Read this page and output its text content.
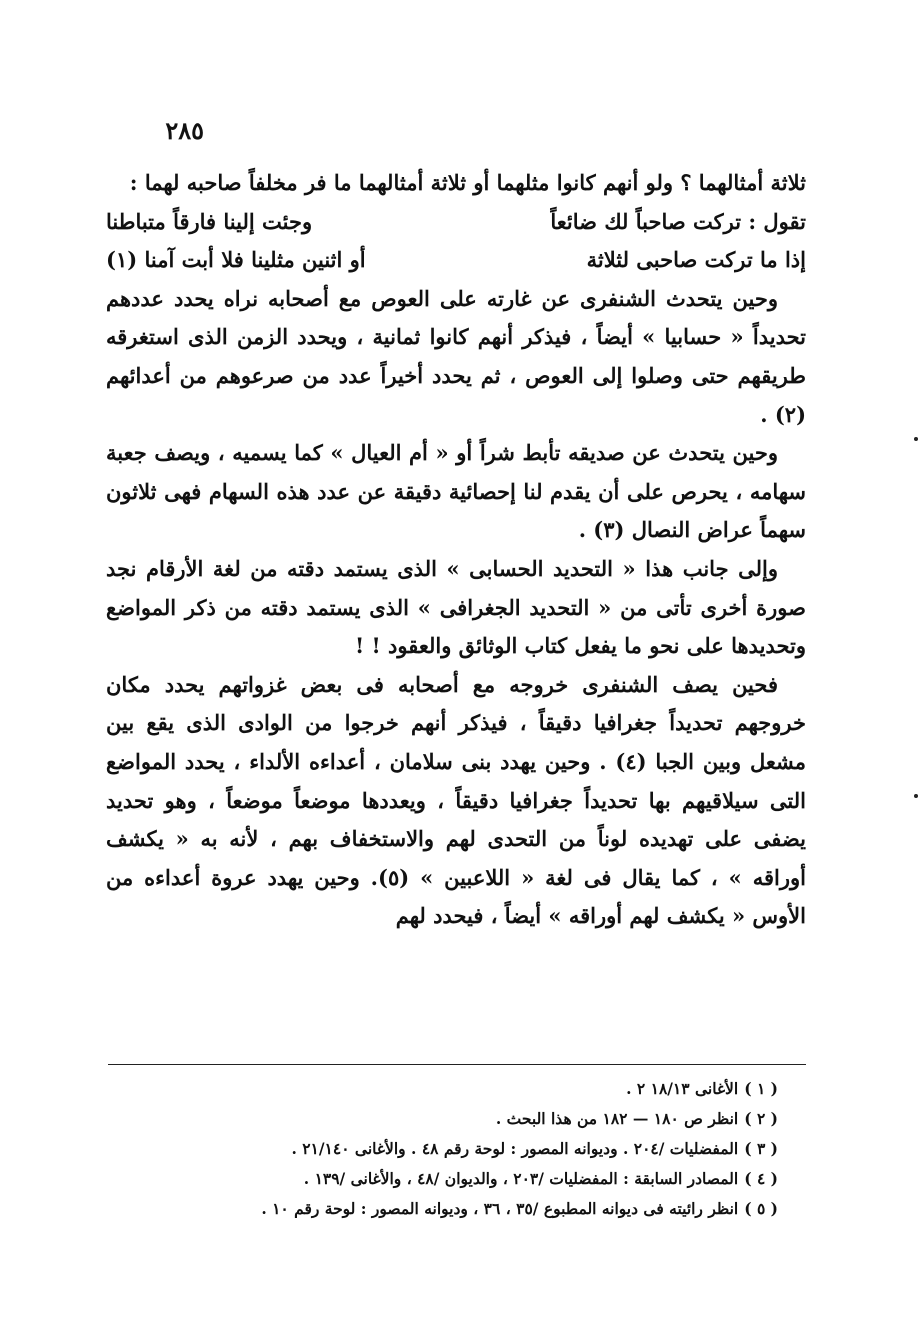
٢٨٥

ثلاثة أمثالهما ؟ ولو أنهم كانوا مثلهما أو ثلاثة أمثالهما ما فر مخلفاً صاحبه لهما :

تقول : تركت صاحباً لك ضائعاً
وجئت إلينا فارقاً متباطنا
إذا ما تركت صاحبى لثلاثة
أو اثنين مثلينا فلا أبت آمنا (١)

وحين يتحدث الشنفرى عن غارته على العوص مع أصحابه نراه يحدد عددهم تحديداً « حسابيا » أيضاً ، فيذكر أنهم كانوا ثمانية ، ويحدد الزمن الذى استغرقه طريقهم حتى وصلوا إلى العوص ، ثم يحدد أخيراً عدد من صرعوهم من أعدائهم (٢) .

وحين يتحدث عن صديقه تأبط شراً أو « أم العيال » كما يسميه ، ويصف جعبة سهامه ، يحرص على أن يقدم لنا إحصائية دقيقة عن عدد هذه السهام فهى ثلاثون سهماً عراض النصال (٣) .

وإلى جانب هذا « التحديد الحسابى » الذى يستمد دقته من لغة الأرقام نجد صورة أخرى تأتى من « التحديد الجغرافى » الذى يستمد دقته من ذكر المواضع وتحديدها على نحو ما يفعل كتاب الوثائق والعقود ! !

فحين يصف الشنفرى خروجه مع أصحابه فى بعض غزواتهم يحدد مكان خروجهم تحديداً جغرافيا دقيقاً ، فيذكر أنهم خرجوا من الوادى الذى يقع بين مشعل وبين الجبا (٤) . وحين يهدد بنى سلامان ، أعداءه الألداء ، يحدد المواضع التى سيلاقيهم بها تحديداً جغرافيا دقيقاً ، ويعددها موضعاً موضعاً ، وهو تحديد يضفى على تهديده لوناً من التحدى لهم والاستخفاف بهم ، لأنه به « يكشف أوراقه » ، كما يقال فى لغة « اللاعبين » (٥). وحين يهدد عروة أعداءه من الأوس « يكشف لهم أوراقه » أيضاً ، فيحدد لهم

( ١ )
الأغانى ١٨/١٣ ٢ .
( ٢ )
انظر ص ١٨٠ — ١٨٢ من هذا البحث .
( ٣ )
المفضليات /٢٠٤ . وديوانه المصور : لوحة رقم ٤٨ . والأغانى ٢١/١٤٠ .
( ٤ )
المصادر السابقة : المفضليات /٢٠٣ ، والديوان /٤٨ ، والأغانى /١٣٩ .
( ٥ )
انظر رائيته فى ديوانه المطبوع /٣٥ ، ٣٦ ، وديوانه المصور : لوحة رقم ١٠ .
